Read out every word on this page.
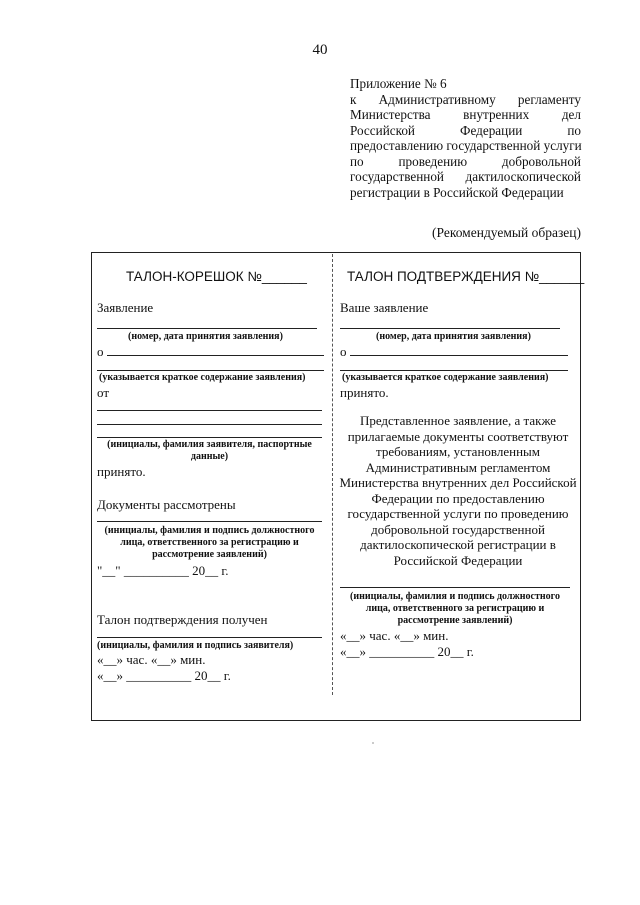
40
Приложение № 6
к Административному регламенту
Министерства внутренних дел
Российской Федерации по
предоставлению государственной услуги
по проведению добровольной
государственной дактилоскопической
регистрации в Российской Федерации
(Рекомендуемый образец)
ТАЛОН-КОРЕШОК №______
Заявление
(номер, дата принятия заявления)
о
(указывается краткое содержание заявления)
от
(инициалы, фамилия заявителя, паспортные данные)
принято.
Документы рассмотрены
(инициалы, фамилия и подпись должностного лица, ответственного за регистрацию и рассмотрение заявлений)
"__" __________ 20__ г.
Талон подтверждения получен
(инициалы, фамилия и подпись заявителя)
«__» час. «__» мин.
«__» __________ 20__ г.
ТАЛОН ПОДТВЕРЖДЕНИЯ №______
Ваше заявление
(номер, дата принятия заявления)
о
(указывается краткое содержание заявления)
принято.
Представленное заявление, а также прилагаемые документы соответствуют требованиям, установленным Административным регламентом Министерства внутренних дел Российской Федерации по предоставлению государственной услуги по проведению добровольной государственной дактилоскопической регистрации в Российской Федерации
(инициалы, фамилия и подпись должностного лица, ответственного за регистрацию и рассмотрение заявлений)
«__» час. «__» мин.
«__» __________ 20__ г.
